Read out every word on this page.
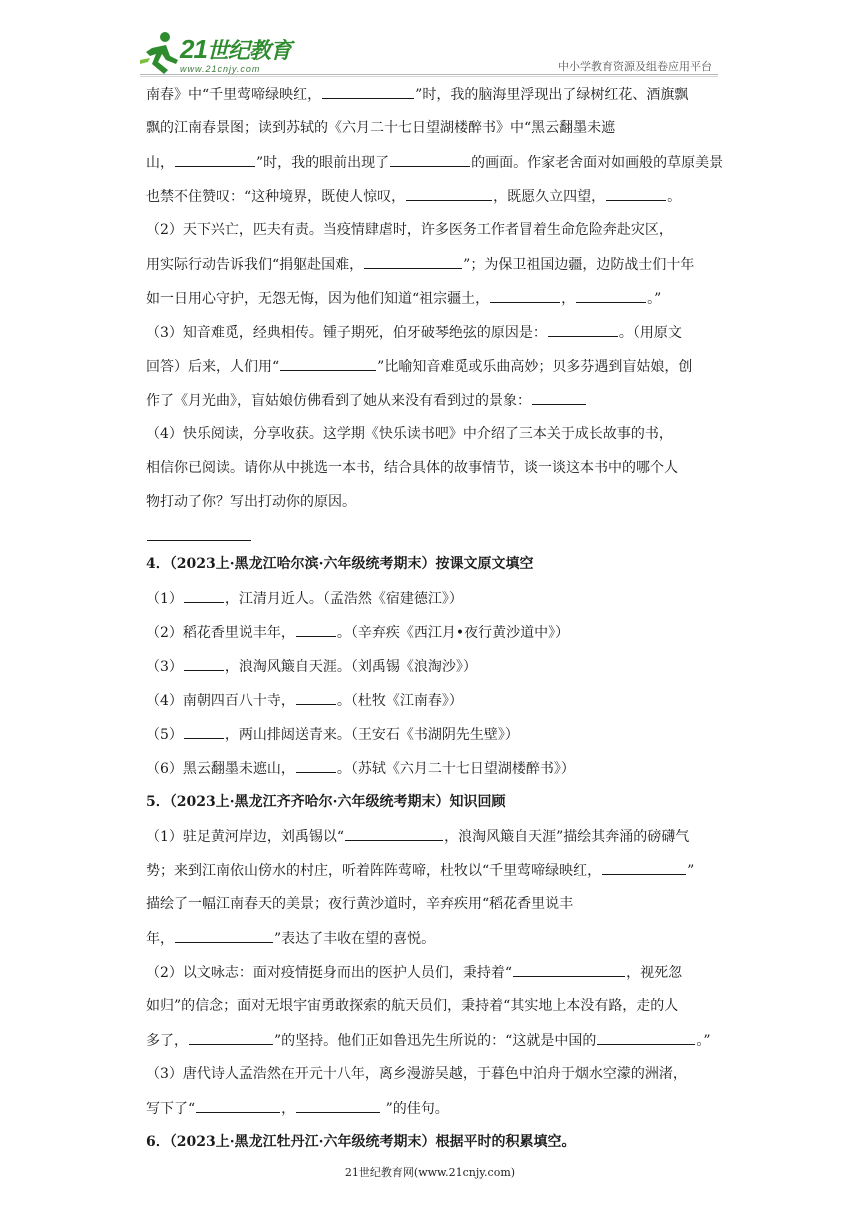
21世纪教育
www.21cnjy.com	中小学教育资源及组卷应用平台
南春》中“千里莺啼绿映红，	”时，我的脑海里浮现出了绿树红花、酒旗飘
飘的江南春景图；读到苏轼的《六月二十七日望湖楼醉书》中“黑云翻墨未遮
山，	”时，我的眼前出现了	的画面。作家老舍面对如画般的草原美景
也禁不住赞叹：“这种境界，既使人惊叹，	，既愿久立四望，	。
（2）天下兴亡，匹夫有责。当疫情肆虐时，许多医务工作者冒着生命危险奔赴灾区，
用实际行动告诉我们“捐躯赴国难，	”；为保卫祖国边疆，边防战士们十年
如一日用心守护，无怨无悔，因为他们知道“祖宗疆土，	，	。”
（3）知音难觅，经典相传。锺子期死，伯牙破琴绝弦的原因是：	。（用原文
回答）后来，人们用“	”比喻知音难觅或乐曲高妙；贝多芬遇到盲姑娘，创
作了《月光曲》，盲姑娘仿佛看到了她从来没有看到过的景象：
（4）快乐阅读，分享收获。这学期《快乐读书吧》中介绍了三本关于成长故事的书，
相信你已阅读。请你从中挑选一本书，结合具体的故事情节，谈一谈这本书中的哪个人
物打动了你？写出打动你的原因。
4．（2023上·黑龙江哈尔滨·六年级统考期末）按课文原文填空
（1）	，江清月近人。（孟浩然《宿建德江》）
（2）稻花香里说丰年，	。（辛弃疾《西江月•夜行黄沙道中》）
（3）	，浪淘风簸自天涯。（刘禹锡《浪淘沙》）
（4）南朝四百八十寺，	。（杜牧《江南春》）
（5）	，两山排闼送青来。（王安石《书湖阴先生壁》）
（6）黑云翻墨未遮山，	。（苏轼《六月二十七日望湖楼醉书》）
5．（2023上·黑龙江齐齐哈尔·六年级统考期末）知识回顾
（1）驻足黄河岸边，刘禹锡以“	，浪淘风簸自天涯”描绘其奔涌的磅礴气
势；来到江南依山傍水的村庄，听着阵阵莺啼，杜牧以“千里莺啼绿映红，	”
描绘了一幅江南春天的美景；夜行黄沙道时，辛弃疾用“稻花香里说丰
年，	”表达了丰收在望的喜悦。
（2）以文咏志：面对疫情挺身而出的医护人员们，秉持着“	，视死忽
如归”的信念；面对无垠宇宙勇敢探索的航天员们，秉持着“其实地上本没有路，走的人
多了，	”的坚持。他们正如鲁迅先生所说的：“这就是中国的	。”
（3）唐代诗人孟浩然在开元十八年，离乡漫游吴越，于暮色中泊舟于烟水空濛的洲渚，
写下了“	，	”的佳句。
6．（2023上·黑龙江牡丹江·六年级统考期末）根据平时的积累填空。
21世纪教育网(www.21cnjy.com)
